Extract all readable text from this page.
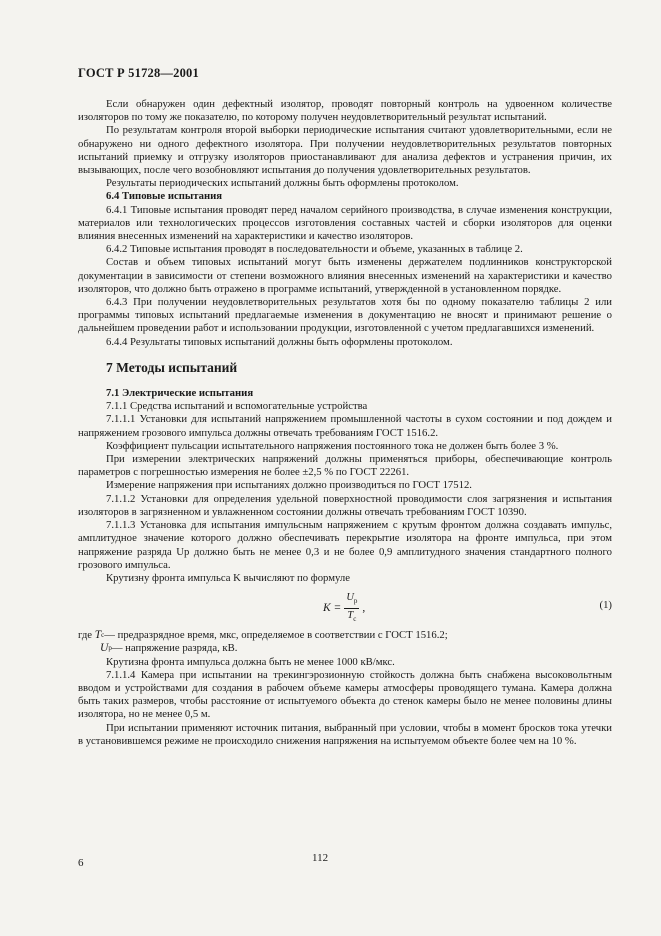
ГОСТ Р 51728—2001

Если обнаружен один дефектный изолятор, проводят повторный контроль на удвоенном количестве изоляторов по тому же показателю, по которому получен неудовлетворительный результат испытаний.

По результатам контроля второй выборки периодические испытания считают удовлетворительными, если не обнаружено ни одного дефектного изолятора. При получении неудовлетворительных результатов повторных испытаний приемку и отгрузку изоляторов приостанавливают для анализа дефектов и устранения причин, их вызывающих, после чего возобновляют испытания до получения удовлетворительных результатов.

Результаты периодических испытаний должны быть оформлены протоколом.

6.4 Типовые испытания

6.4.1 Типовые испытания проводят перед началом серийного производства, в случае изменения конструкции, материалов или технологических процессов изготовления составных частей и сборки изоляторов для оценки влияния внесенных изменений на характеристики и качество изоляторов.

6.4.2 Типовые испытания проводят в последовательности и объеме, указанных в таблице 2.

Состав и объем типовых испытаний могут быть изменены держателем подлинников конструкторской документации в зависимости от степени возможного влияния внесенных изменений на характеристики и качество изоляторов, что должно быть отражено в программе испытаний, утвержденной в установленном порядке.

6.4.3 При получении неудовлетворительных результатов хотя бы по одному показателю таблицы 2 или программы типовых испытаний предлагаемые изменения в документацию не вносят и принимают решение о дальнейшем проведении работ и использовании продукции, изготовленной с учетом предлагавшихся изменений.

6.4.4 Результаты типовых испытаний должны быть оформлены протоколом.

7 Методы испытаний

7.1 Электрические испытания

7.1.1 Средства испытаний и вспомогательные устройства

7.1.1.1 Установки для испытаний напряжением промышленной частоты в сухом состоянии и под дождем и напряжением грозового импульса должны отвечать требованиям ГОСТ 1516.2.

Коэффициент пульсации испытательного напряжения постоянного тока не должен быть более 3 %.

При измерении электрических напряжений должны применяться приборы, обеспечивающие контроль параметров с погрешностью измерения не более ±2,5 % по ГОСТ 22261.

Измерение напряжения при испытаниях должно производиться по ГОСТ 17512.

7.1.1.2 Установки для определения удельной поверхностной проводимости слоя загрязнения и испытания изоляторов в загрязненном и увлажненном состоянии должны отвечать требованиям ГОСТ 10390.

7.1.1.3 Установка для испытания импульсным напряжением с крутым фронтом должна создавать импульс, амплитудное значение которого должно обеспечивать перекрытие изолятора на фронте импульса, при этом напряжение разряда Uр должно быть не менее 0,3 и не более 0,9 амплитудного значения стандартного полного грозового импульса.

Крутизну фронта импульса K вычисляют по формуле

$K = \frac{U_р}{T_с}$ ,	(1)
где
T с — предразрядное время, мкс, определяемое в соответствии с ГОСТ 1516.2;
U р — напряжение разряда, кВ.

Крутизна фронта импульса должна быть не менее 1000 кВ/мкс.

7.1.1.4 Камера при испытании на трекингэрозионную стойкость должна быть снабжена высоковольтным вводом и устройствами для создания в рабочем объеме камеры атмосферы проводящего тумана. Камера должна быть таких размеров, чтобы расстояние от испытуемого объекта до стенок камеры было не менее половины длины изолятора, но не менее 0,5 м.

При испытании применяют источник питания, выбранный при условии, чтобы в момент бросков тока утечки в установившемся режиме не происходило снижения напряжения на испытуемом объекте более чем на 10 %.

6	112
